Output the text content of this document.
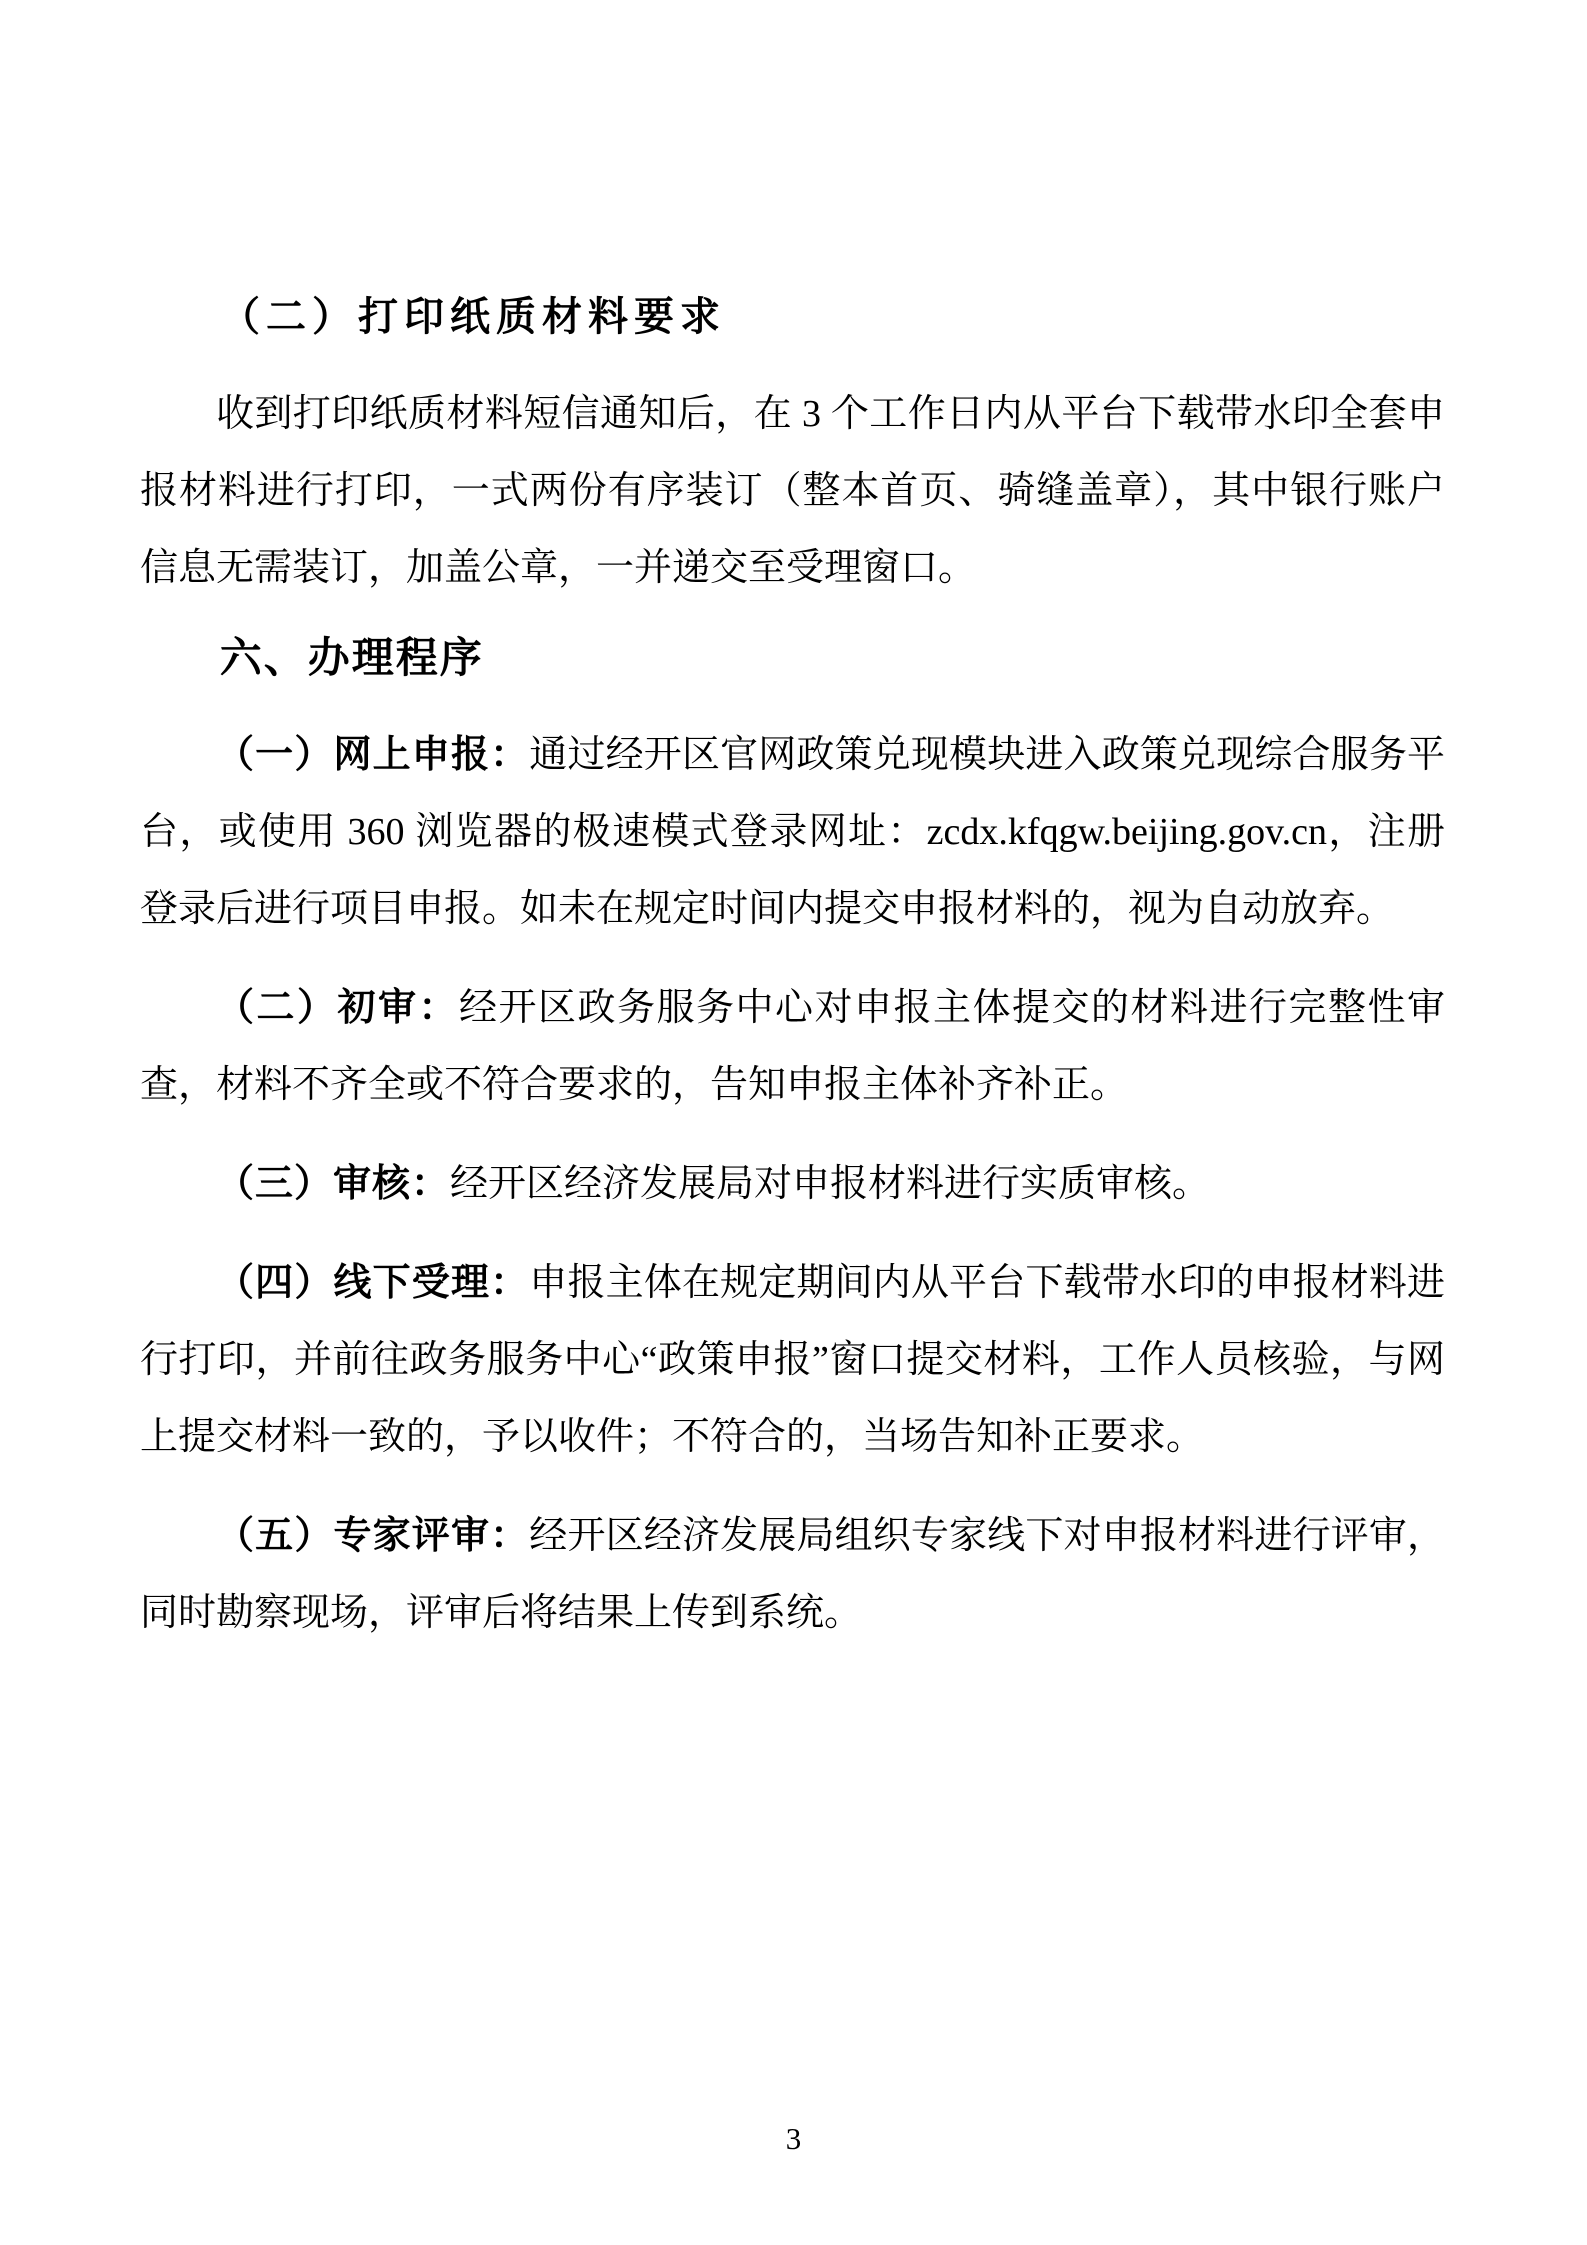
（二）打印纸质材料要求

收到打印纸质材料短信通知后，在 3 个工作日内从平台下载带水印全套申报材料进行打印，一式两份有序装订（整本首页、骑缝盖章），其中银行账户信息无需装订，加盖公章，一并递交至受理窗口。

六、办理程序

（一）网上申报：通过经开区官网政策兑现模块进入政策兑现综合服务平台，或使用 360 浏览器的极速模式登录网址：zcdx.kfqgw.beijing.gov.cn，注册登录后进行项目申报。如未在规定时间内提交申报材料的，视为自动放弃。

（二）初审：经开区政务服务中心对申报主体提交的材料进行完整性审查，材料不齐全或不符合要求的，告知申报主体补齐补正。

（三）审核：经开区经济发展局对申报材料进行实质审核。

（四）线下受理：申报主体在规定期间内从平台下载带水印的申报材料进行打印，并前往政务服务中心“政策申报”窗口提交材料，工作人员核验，与网上提交材料一致的，予以收件；不符合的，当场告知补正要求。

（五）专家评审：经开区经济发展局组织专家线下对申报材料进行评审，同时勘察现场，评审后将结果上传到系统。

3
